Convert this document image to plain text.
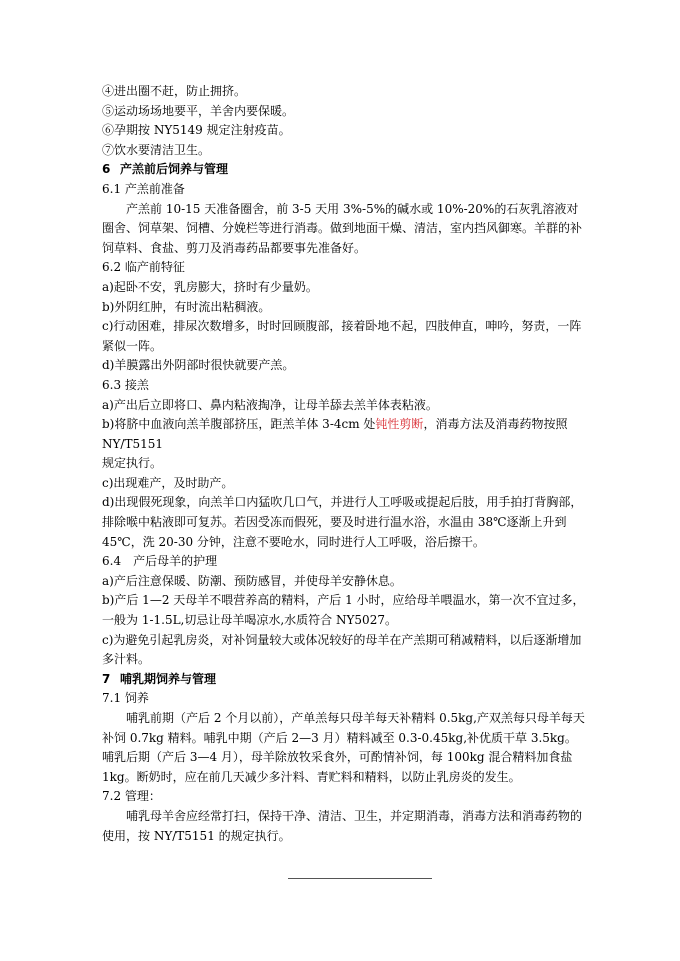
④进出圈不赶，防止拥挤。

⑤运动场场地要平，羊舍内要保暖。

⑥孕期按 NY5149 规定注射疫苗。

⑦饮水要清洁卫生。

6 产羔前后饲养与管理

6.1 产羔前准备

产羔前 10-15 天准备圈舍，前 3-5 天用 3%-5%的碱水或 10%-20%的石灰乳溶液对圈舍、饲草架、饲槽、分娩栏等进行消毒。做到地面干燥、清洁，室内挡风御寒。羊群的补饲草料、食盐、剪刀及消毒药品都要事先准备好。

6.2 临产前特征

a)起卧不安，乳房膨大，挤时有少量奶。

b)外阴红肿，有时流出粘稠液。

c)行动困难，排尿次数增多，时时回顾腹部，接着卧地不起，四肢伸直，呻吟，努责，一阵紧似一阵。

d)羊膜露出外阴部时很快就要产羔。

6.3 接羔

a)产出后立即将口、鼻内粘液掏净，让母羊舔去羔羊体表粘液。

b)将脐中血液向羔羊腹部挤压，距羔羊体 3-4cm 处钝性剪断，消毒方法及消毒药物按照 NY/T5151

规定执行。

c)出现难产，及时助产。

d)出现假死现象，向羔羊口内猛吹几口气，并进行人工呼吸或提起后肢，用手拍打背胸部，排除喉中粘液即可复苏。若因受冻而假死，要及时进行温水浴，水温由 38℃逐渐上升到 45℃，洗 20-30 分钟，注意不要呛水，同时进行人工呼吸，浴后擦干。

6.4　产后母羊的护理

a)产后注意保暖、防潮、预防感冒，并使母羊安静休息。

b)产后 1—2 天母羊不喂营养高的精料，产后 1 小时，应给母羊喂温水，第一次不宜过多，一般为 1-1.5L,切忌让母羊喝凉水,水质符合 NY5027。

c)为避免引起乳房炎，对补饲量较大或体况较好的母羊在产羔期可稍减精料，以后逐渐增加多汁料。

7 哺乳期饲养与管理

7.1 饲养

哺乳前期（产后 2 个月以前），产单羔每只母羊每天补精料 0.5kg,产双羔每只母羊每天补饲 0.7kg 精料。哺乳中期（产后 2—3 月）精料减至 0.3-0.45kg,补优质干草 3.5kg。哺乳后期（产后 3—4 月），母羊除放牧采食外，可酌情补饲，每 100kg 混合精料加食盐 1kg。断奶时，应在前几天减少多汁料、青贮料和精料，以防止乳房炎的发生。

7.2 管理：

哺乳母羊舍应经常打扫，保持干净、清洁、卫生，并定期消毒，消毒方法和消毒药物的使用，按 NY/T5151 的规定执行。
